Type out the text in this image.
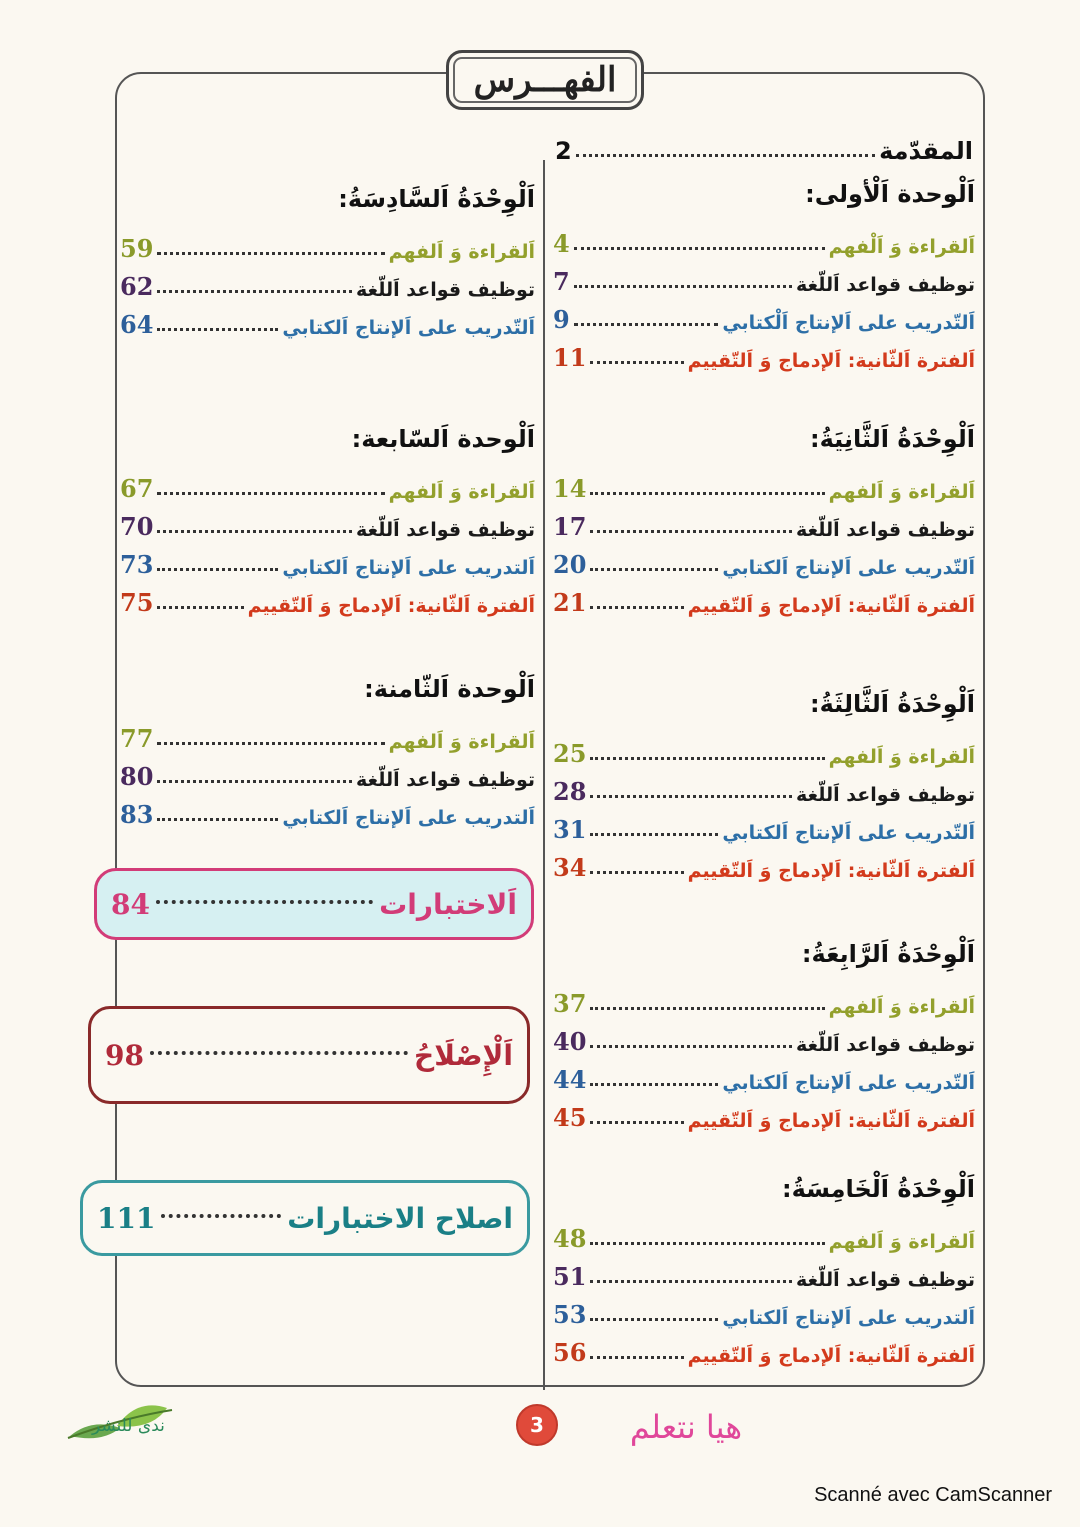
الفهـــرس
المقدّمة
2
اَلْوحدة اَلْأولى:
اَلقراءة وَ اَلْفهم
4
توظيف قواعد اَللّغة
7
اَلتّدريب على اَلإنتاج اَلْكتابي
9
اَلفترة اَلثّانية: اَلإدماج وَ اَلتّقييم
11
اَلْوِحْدَةُ اَلثَّانِيَةُ:
اَلقراءة وَ اَلفهم
14
توظيف قواعد اَللّغة
17
اَلتّدريب على اَلإنتاج اَلكتابي
20
اَلفترة اَلثّانية: اَلإدماج وَ اَلتّقييم
21
اَلْوِحْدَةُ اَلثَّالِثَةُ:
اَلقراءة وَ اَلفهم
25
توظيف قواعد اَللّغة
28
اَلتّدريب على اَلإنتاج اَلكتابي
31
اَلفترة اَلثّانية: اَلإدماج وَ اَلتّقييم
34
اَلْوِحْدَةُ اَلرَّابِعَةُ:
اَلقراءة وَ اَلفهم
37
توظيف قواعد اَللّغة
40
اَلتّدريب على اَلإنتاج اَلكتابي
44
اَلفترة اَلثّانية: اَلإدماج وَ اَلتّقييم
45
اَلْوِحْدَةُ اَلْخَامِسَةُ:
اَلقراءة وَ اَلفهم
48
توظيف قواعد اَللّغة
51
اَلتدريب على اَلإنتاج اَلكتابي
53
اَلفترة اَلثّانية: اَلإدماج وَ اَلتّقييم
56
اَلْوِحْدَةُ اَلسَّادِسَةُ:
اَلقراءة وَ اَلفهم
59
توظيف قواعد اَللّغة
62
اَلتّدريب على اَلإنتاج اَلكتابي
64
اَلْوحدة اَلسّابعة:
اَلقراءة وَ اَلفهم
67
توظيف قواعد اَللّغة
70
اَلتدريب على اَلإنتاج اَلكتابي
73
اَلفترة اَلثّانية: اَلإدماج وَ اَلتّقييم
75
اَلْوحدة اَلثّامنة:
اَلقراءة وَ اَلفهم
77
توظيف قواعد اَللّغة
80
اَلتدريب على اَلإنتاج اَلكتابي
83
اَلاختبارات
84
اَلْإِصْلَاحُ
98
اصلاح الاختبارات
111
3	هيا نتعلم
ندى للنشر
Scanné avec CamScanner
